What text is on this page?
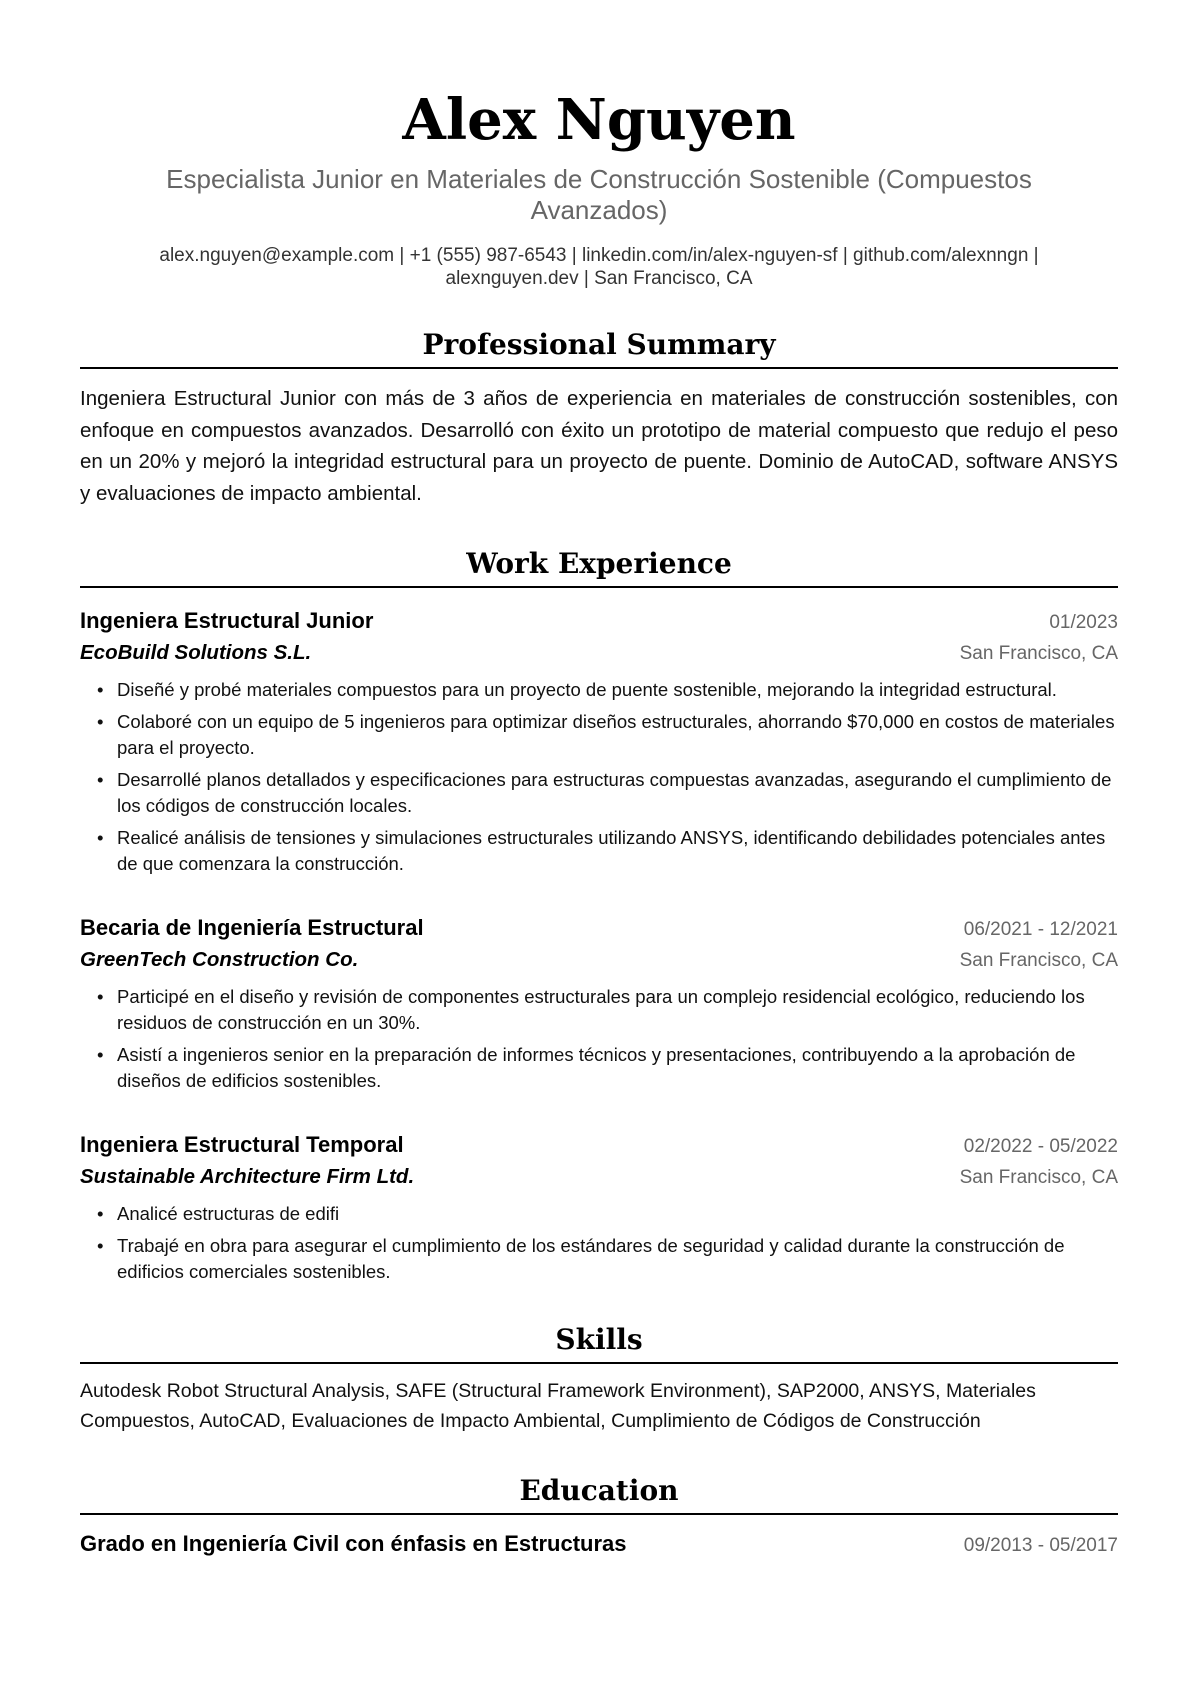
Alex Nguyen
Especialista Junior en Materiales de Construcción Sostenible (Compuestos Avanzados)
alex.nguyen@example.com | +1 (555) 987-6543 | linkedin.com/in/alex-nguyen-sf | github.com/alexnngn | alexnguyen.dev | San Francisco, CA
Professional Summary
Ingeniera Estructural Junior con más de 3 años de experiencia en materiales de construcción sostenibles, con enfoque en compuestos avanzados. Desarrolló con éxito un prototipo de material compuesto que redujo el peso en un 20% y mejoró la integridad estructural para un proyecto de puente. Dominio de AutoCAD, software ANSYS y evaluaciones de impacto ambiental.
Work Experience
Ingeniera Estructural Junior	01/2023
EcoBuild Solutions S.L.	San Francisco, CA
• Diseñé y probé materiales compuestos para un proyecto de puente sostenible, mejorando la integridad estructural.
• Colaboré con un equipo de 5 ingenieros para optimizar diseños estructurales, ahorrando $70,000 en costos de materiales para el proyecto.
• Desarrollé planos detallados y especificaciones para estructuras compuestas avanzadas, asegurando el cumplimiento de los códigos de construcción locales.
• Realicé análisis de tensiones y simulaciones estructurales utilizando ANSYS, identificando debilidades potenciales antes de que comenzara la construcción.
Becaria de Ingeniería Estructural	06/2021 - 12/2021
GreenTech Construction Co.	San Francisco, CA
• Participé en el diseño y revisión de componentes estructurales para un complejo residencial ecológico, reduciendo los residuos de construcción en un 30%.
• Asistí a ingenieros senior en la preparación de informes técnicos y presentaciones, contribuyendo a la aprobación de diseños de edificios sostenibles.
Ingeniera Estructural Temporal	02/2022 - 05/2022
Sustainable Architecture Firm Ltd.	San Francisco, CA
• Analicé estructuras de edifi
• Trabajé en obra para asegurar el cumplimiento de los estándares de seguridad y calidad durante la construcción de edificios comerciales sostenibles.
Skills
Autodesk Robot Structural Analysis, SAFE (Structural Framework Environment), SAP2000, ANSYS, Materiales Compuestos, AutoCAD, Evaluaciones de Impacto Ambiental, Cumplimiento de Códigos de Construcción
Education
Grado en Ingeniería Civil con énfasis en Estructuras	09/2013 - 05/2017
